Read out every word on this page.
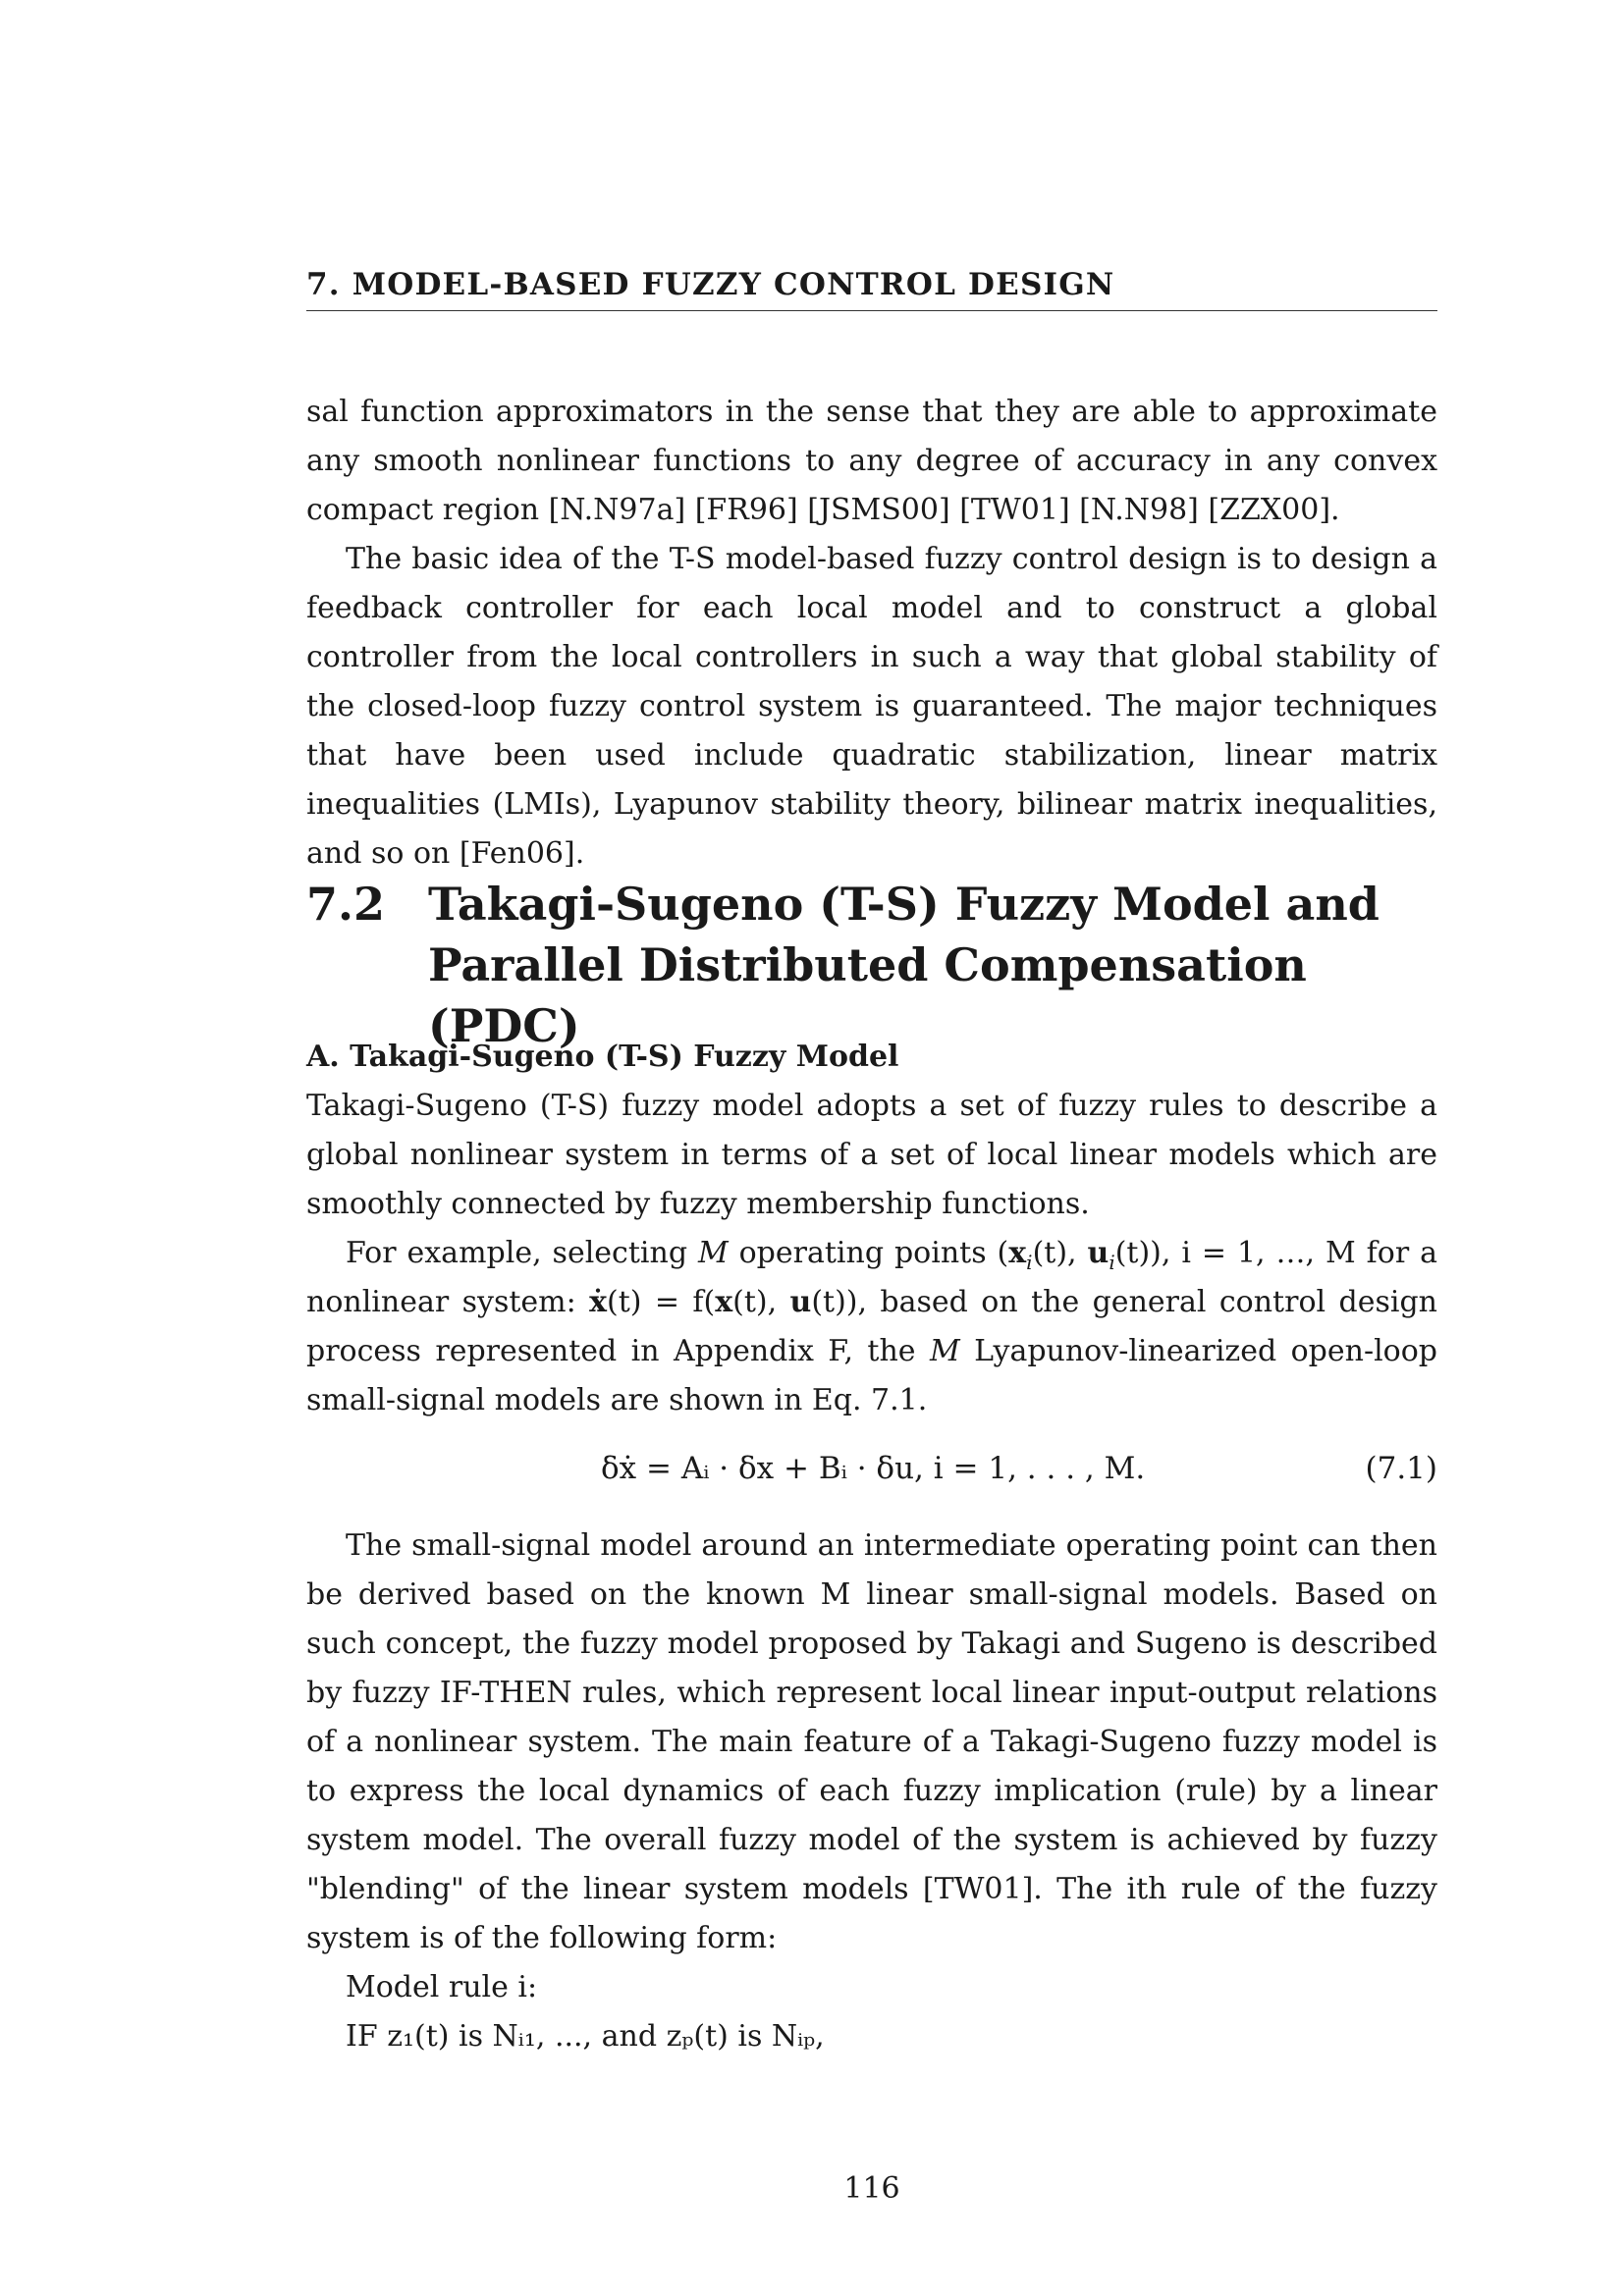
7. MODEL-BASED FUZZY CONTROL DESIGN

sal function approximators in the sense that they are able to approximate any smooth nonlinear functions to any degree of accuracy in any convex compact region [N.N97a] [FR96] [JSMS00] [TW01] [N.N98] [ZZX00].

The basic idea of the T-S model-based fuzzy control design is to design a feedback controller for each local model and to construct a global controller from the local controllers in such a way that global stability of the closed-loop fuzzy control system is guaranteed. The major techniques that have been used include quadratic stabilization, linear matrix inequalities (LMIs), Lyapunov stability theory, bilinear matrix inequalities, and so on [Fen06].

7.2 Takagi-Sugeno (T-S) Fuzzy Model and Parallel Distributed Compensation (PDC)

A. Takagi-Sugeno (T-S) Fuzzy Model

Takagi-Sugeno (T-S) fuzzy model adopts a set of fuzzy rules to describe a global nonlinear system in terms of a set of local linear models which are smoothly connected by fuzzy membership functions.

For example, selecting M operating points ($x_i(t)$, $u_i(t)$), i = 1, …, M for a nonlinear system: ẋ(t) = f(x(t), u(t)), based on the general control design process represented in Appendix F, the M Lyapunov-linearized open-loop small-signal models are shown in Eq. 7.1.

δẋ = Aᵢ · δx + Bᵢ · δu, i = 1, . . . , M.	(7.1)

The small-signal model around an intermediate operating point can then be derived based on the known M linear small-signal models. Based on such concept, the fuzzy model proposed by Takagi and Sugeno is described by fuzzy IF-THEN rules, which represent local linear input-output relations of a nonlinear system. The main feature of a Takagi-Sugeno fuzzy model is to express the local dynamics of each fuzzy implication (rule) by a linear system model. The overall fuzzy model of the system is achieved by fuzzy "blending" of the linear system models [TW01]. The ith rule of the fuzzy system is of the following form:

Model rule i:

IF z₁(t) is Nᵢ₁, ..., and zₚ(t) is Nᵢₚ,

116
